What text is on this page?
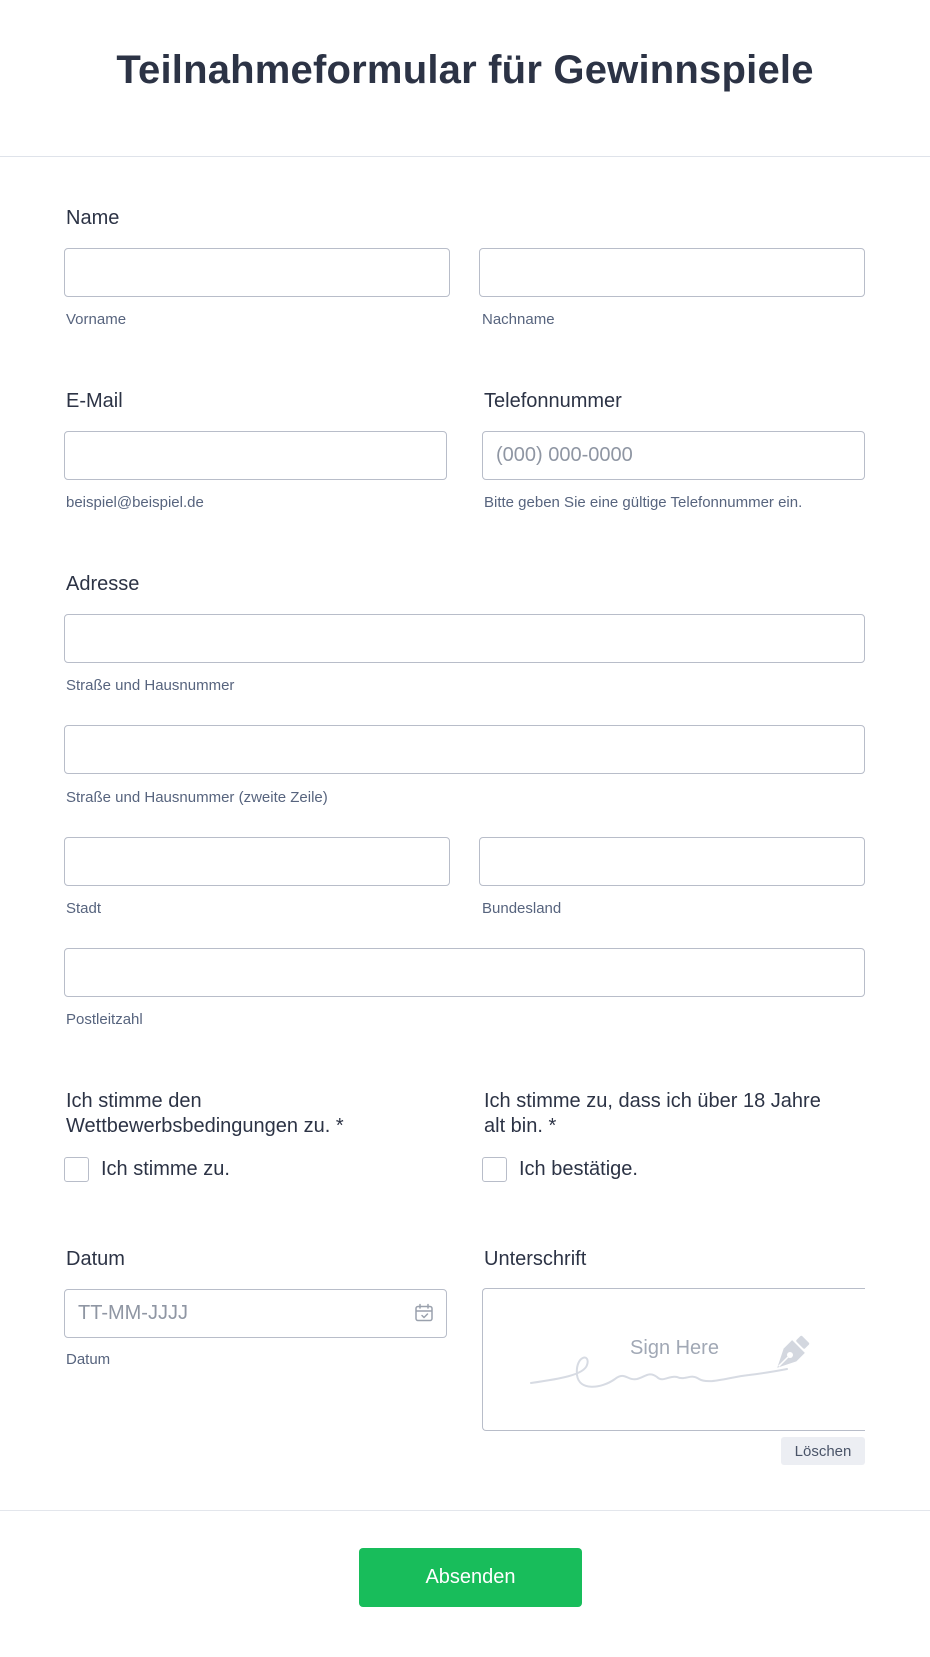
Teilnahmeformular für Gewinnspiele
Name
Vorname	Nachname
E-Mail
beispiel@beispiel.de
Telefonnummer
(000) 000-0000
Bitte geben Sie eine gültige Telefonnummer ein.
Adresse
Straße und Hausnummer
Straße und Hausnummer (zweite Zeile)
Stadt	Bundesland
Postleitzahl
Ich stimme den
Wettbewerbsbedingungen zu. *
Ich stimme zu.
Ich stimme zu, dass ich über 18 Jahre
alt bin. *
Ich bestätige.
Datum
TT-MM-JJJJ
Datum
Unterschrift
Sign Here
Löschen
Absenden
